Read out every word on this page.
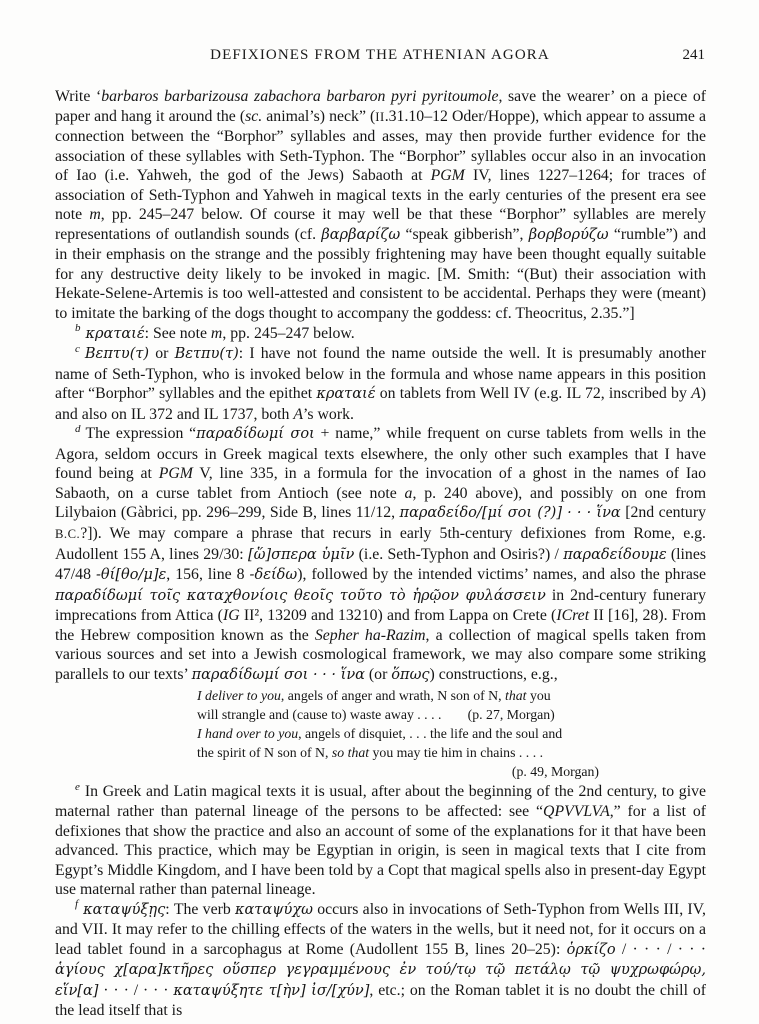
DEFIXIONES FROM THE ATHENIAN AGORA	241

Write ‘barbaros barbarizousa zabachora barbaron pyri pyritoumole, save the wearer’ on a piece of paper and hang it around the (sc. animal’s) neck” (II.31.10–12 Oder/Hoppe), which appear to assume a connection between the “Borphor” syllables and asses, may then provide further evidence for the association of these syllables with Seth-Typhon. The “Borphor” syllables occur also in an invocation of Iao (i.e. Yahweh, the god of the Jews) Sabaoth at PGM IV, lines 1227–1264; for traces of association of Seth-Typhon and Yahweh in magical texts in the early centuries of the present era see note m, pp. 245–247 below. Of course it may well be that these “Borphor” syllables are merely representations of outlandish sounds (cf. βαρβαρίζω “speak gibberish”, βορβορύζω “rumble”) and in their emphasis on the strange and the possibly frightening may have been thought equally suitable for any destructive deity likely to be invoked in magic. [M. Smith: “(But) their association with Hekate-Selene-Artemis is too well-attested and consistent to be accidental. Perhaps they were (meant) to imitate the barking of the dogs thought to accompany the goddess: cf. Theocritus, 2.35.”]

$^b$ κραταιέ: See note m, pp. 245–247 below.

$^c$ Βεπτυ(τ) or Βετπυ(τ): I have not found the name outside the well. It is presumably another name of Seth-Typhon, who is invoked below in the formula and whose name appears in this position after “Borphor” syllables and the epithet κραταιέ on tablets from Well IV (e.g. IL 72, inscribed by A) and also on IL 372 and IL 1737, both A’s work.

$^d$ The expression “παραδίδωμί σοι + name,” while frequent on curse tablets from wells in the Agora, seldom occurs in Greek magical texts elsewhere, the only other such examples that I have found being at PGM V, line 335, in a formula for the invocation of a ghost in the names of Iao Sabaoth, on a curse tablet from Antioch (see note a, p. 240 above), and possibly on one from Lilybaion (Gàbrici, pp. 296–299, Side B, lines 11/12, παραδείδο/[μί σοι (?)] · · · ἵνα [2nd century B.C.?]). We may compare a phrase that recurs in early 5th-century defixiones from Rome, e.g. Audollent 155 A, lines 29/30: [ὥ]σπερα ὑμῖν (i.e. Seth-Typhon and Osiris?) / παραδείδουμε (lines 47/48 -θί[θο/μ]ε, 156, line 8 -δείδω), followed by the intended victims’ names, and also the phrase παραδίδωμί τοῖς καταχθονίοις θεοῖς τοῦτο τὸ ἡρῷον φυλάσσειν in 2nd-century funerary imprecations from Attica (IG II², 13209 and 13210) and from Lappa on Crete (ICret II [16], 28). From the Hebrew composition known as the Sepher ha-Razim, a collection of magical spells taken from various sources and set into a Jewish cosmological framework, we may also compare some striking parallels to our texts’ παραδίδωμί σοι · · · ἵνα (or ὅπως) constructions, e.g.,

I deliver to you, angels of anger and wrath, N son of N, that you
will strangle and (cause to) waste away . . . . (p. 27, Morgan)

I hand over to you, angels of disquiet, . . . the life and the soul and
the spirit of N son of N, so that you may tie him in chains . . . .

(p. 49, Morgan)

$^e$ In Greek and Latin magical texts it is usual, after about the beginning of the 2nd century, to give maternal rather than paternal lineage of the persons to be affected: see “QPVVLVA,” for a list of defixiones that show the practice and also an account of some of the explanations for it that have been advanced. This practice, which may be Egyptian in origin, is seen in magical texts that I cite from Egypt’s Middle Kingdom, and I have been told by a Copt that magical spells also in present-day Egypt use maternal rather than paternal lineage.

$^f$ καταψύξῃς: The verb καταψύχω occurs also in invocations of Seth-Typhon from Wells III, IV, and VII. It may refer to the chilling effects of the waters in the wells, but it need not, for it occurs on a lead tablet found in a sarcophagus at Rome (Audollent 155 B, lines 20–25): ὁρκίζο / · · · / · · · ἁγίους χ[αρα]κτῆρες οὕσπερ γεγραμμένους ἐν τού/τῳ τῷ πετάλῳ τῷ ψυχρωφώρῳ, εἵν[α] · · · / · · · καταψύξητε τ[ὴν] ἰσ/[χύν], etc.; on the Roman tablet it is no doubt the chill of the lead itself that is
